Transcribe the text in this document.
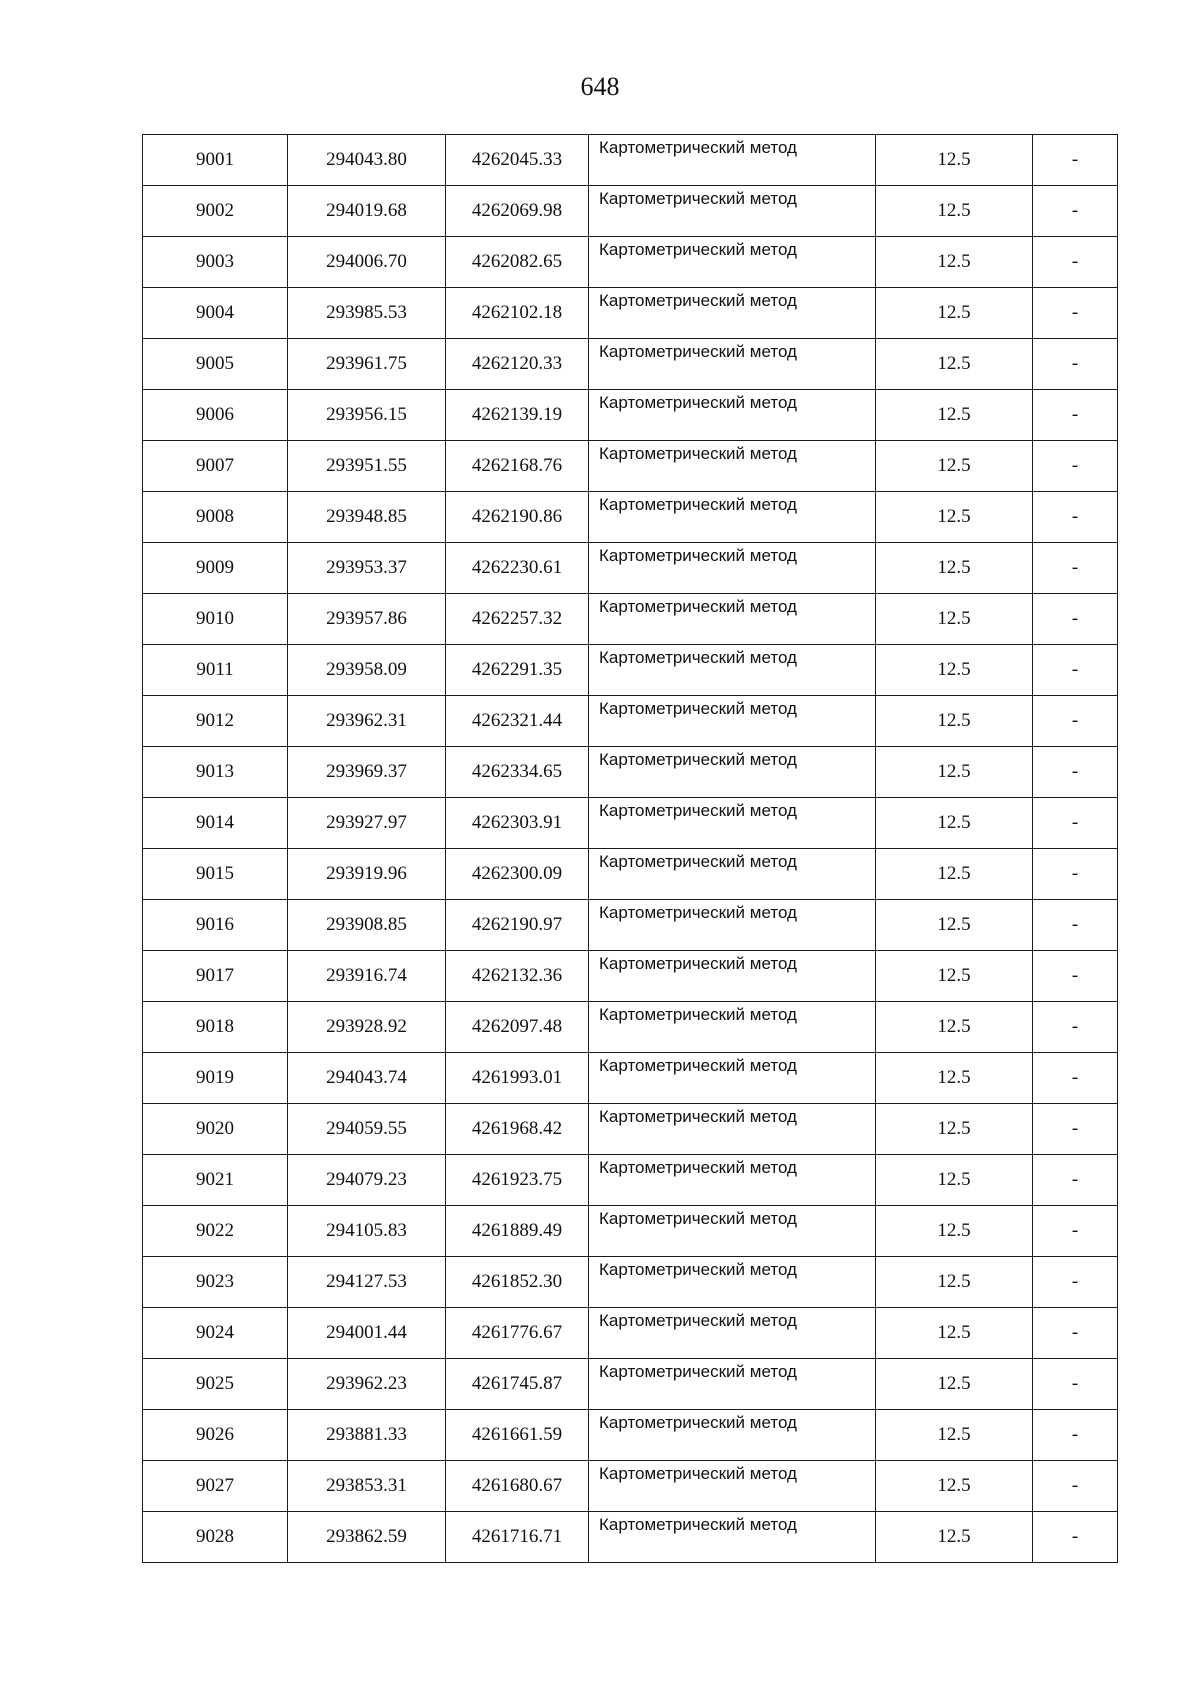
648
9001	294043.80	4262045.33	Картометрический метод	12.5	-
9002	294019.68	4262069.98	Картометрический метод	12.5	-
9003	294006.70	4262082.65	Картометрический метод	12.5	-
9004	293985.53	4262102.18	Картометрический метод	12.5	-
9005	293961.75	4262120.33	Картометрический метод	12.5	-
9006	293956.15	4262139.19	Картометрический метод	12.5	-
9007	293951.55	4262168.76	Картометрический метод	12.5	-
9008	293948.85	4262190.86	Картометрический метод	12.5	-
9009	293953.37	4262230.61	Картометрический метод	12.5	-
9010	293957.86	4262257.32	Картометрический метод	12.5	-
9011	293958.09	4262291.35	Картометрический метод	12.5	-
9012	293962.31	4262321.44	Картометрический метод	12.5	-
9013	293969.37	4262334.65	Картометрический метод	12.5	-
9014	293927.97	4262303.91	Картометрический метод	12.5	-
9015	293919.96	4262300.09	Картометрический метод	12.5	-
9016	293908.85	4262190.97	Картометрический метод	12.5	-
9017	293916.74	4262132.36	Картометрический метод	12.5	-
9018	293928.92	4262097.48	Картометрический метод	12.5	-
9019	294043.74	4261993.01	Картометрический метод	12.5	-
9020	294059.55	4261968.42	Картометрический метод	12.5	-
9021	294079.23	4261923.75	Картометрический метод	12.5	-
9022	294105.83	4261889.49	Картометрический метод	12.5	-
9023	294127.53	4261852.30	Картометрический метод	12.5	-
9024	294001.44	4261776.67	Картометрический метод	12.5	-
9025	293962.23	4261745.87	Картометрический метод	12.5	-
9026	293881.33	4261661.59	Картометрический метод	12.5	-
9027	293853.31	4261680.67	Картометрический метод	12.5	-
9028	293862.59	4261716.71	Картометрический метод	12.5	-
